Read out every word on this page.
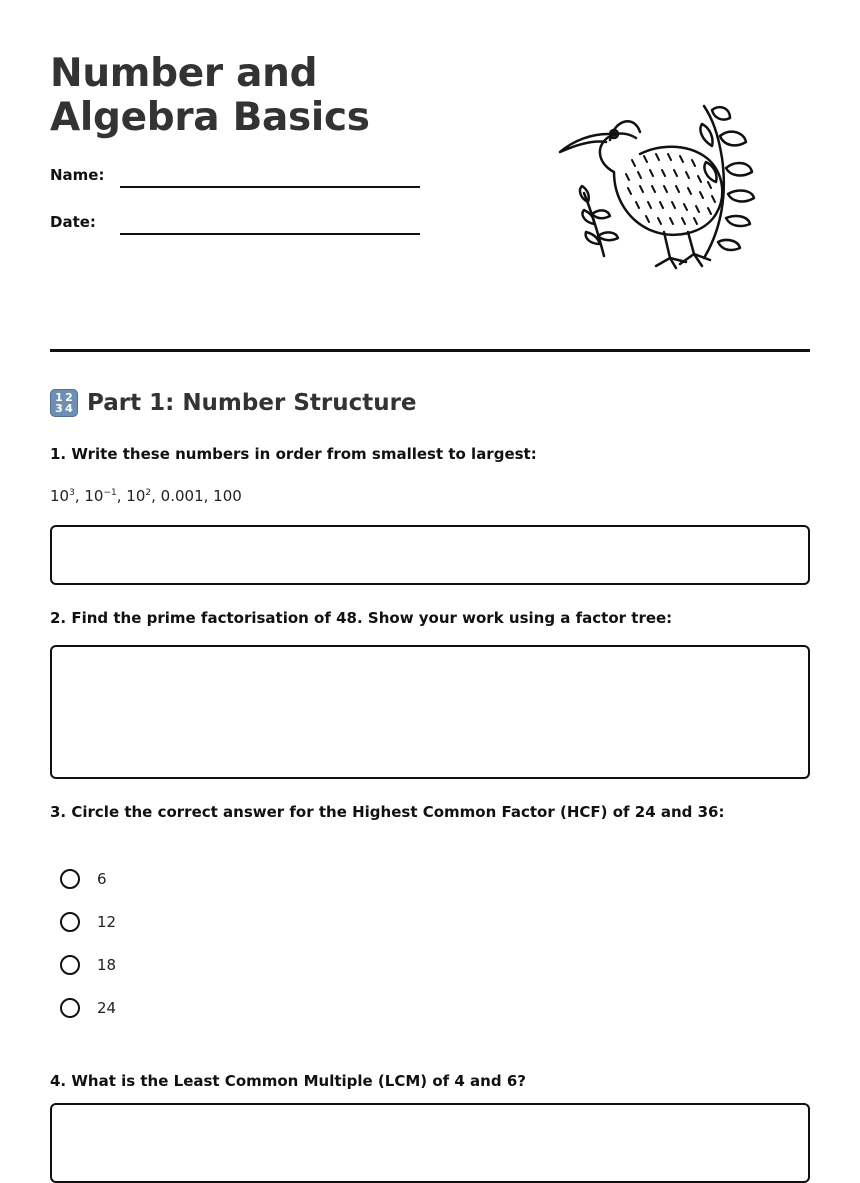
Number and Algebra Basics
Name:
Date:
1 2
3 4 Part 1: Number Structure
1. Write these numbers in order from smallest to largest:
$10^3$, $10^{-1}$, $10^2$, 0.001, 100
2. Find the prime factorisation of 48. Show your work using a factor tree:
3. Circle the correct answer for the Highest Common Factor (HCF) of 24 and 36:
6
12
18
24
4. What is the Least Common Multiple (LCM) of 4 and 6?
